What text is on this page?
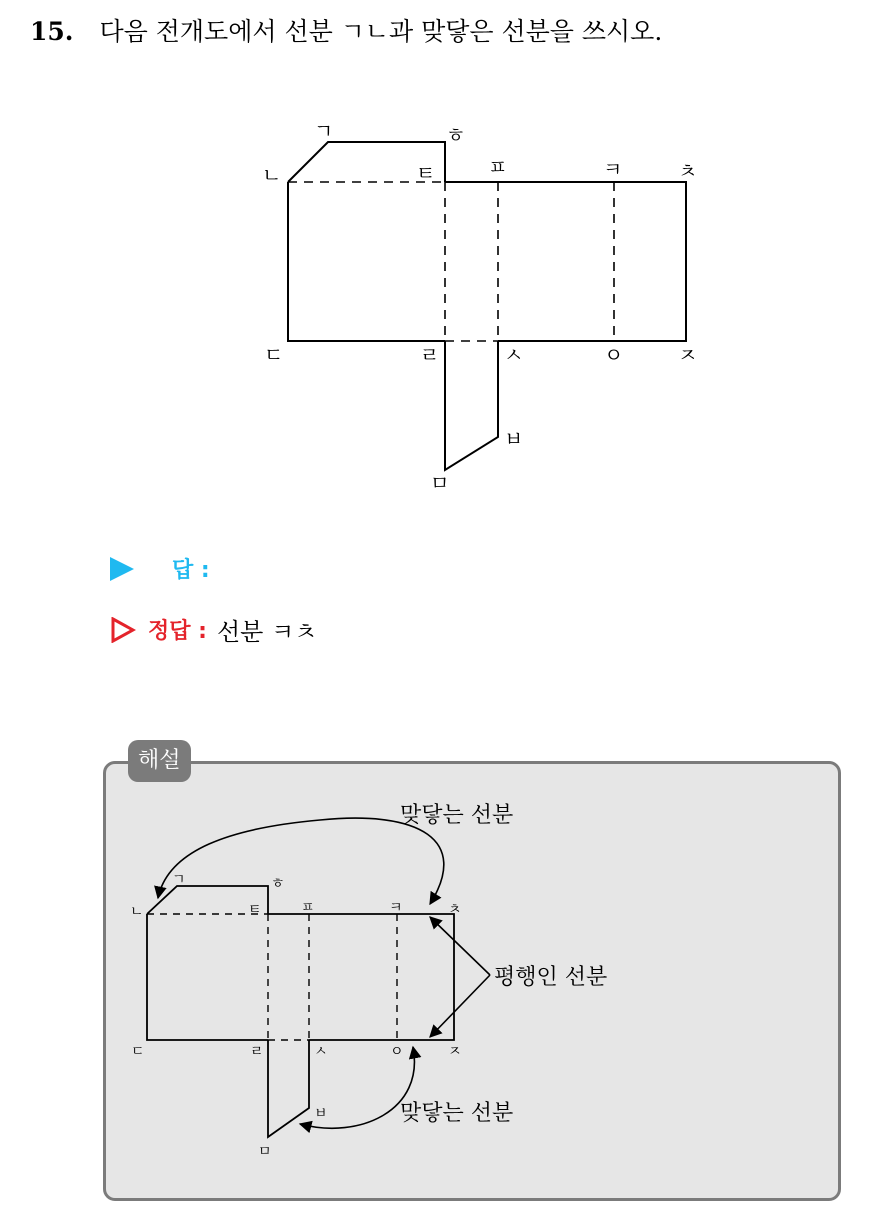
15. 다음 전개도에서 선분 ㄱㄴ과 맞닿은 선분을 쓰시오.
ㄱ	ㅎ
ㄴ	ㅌ	ㅍ	ㅋ	ㅊ
ㄷ	ㄹ	ㅅ	ㅇ	ㅈ
ㅂ
ㅁ
답 :
정답 : 선분 ㅋㅊ
해설
ㄱ	ㅎ
ㄴ	ㅌ	ㅍ	ㅋ	ㅊ
ㄷ	ㄹ	ㅅ	ㅇ	ㅈ
ㅂ
ㅁ
맞닿는 선분
평행인 선분
맞닿는 선분
